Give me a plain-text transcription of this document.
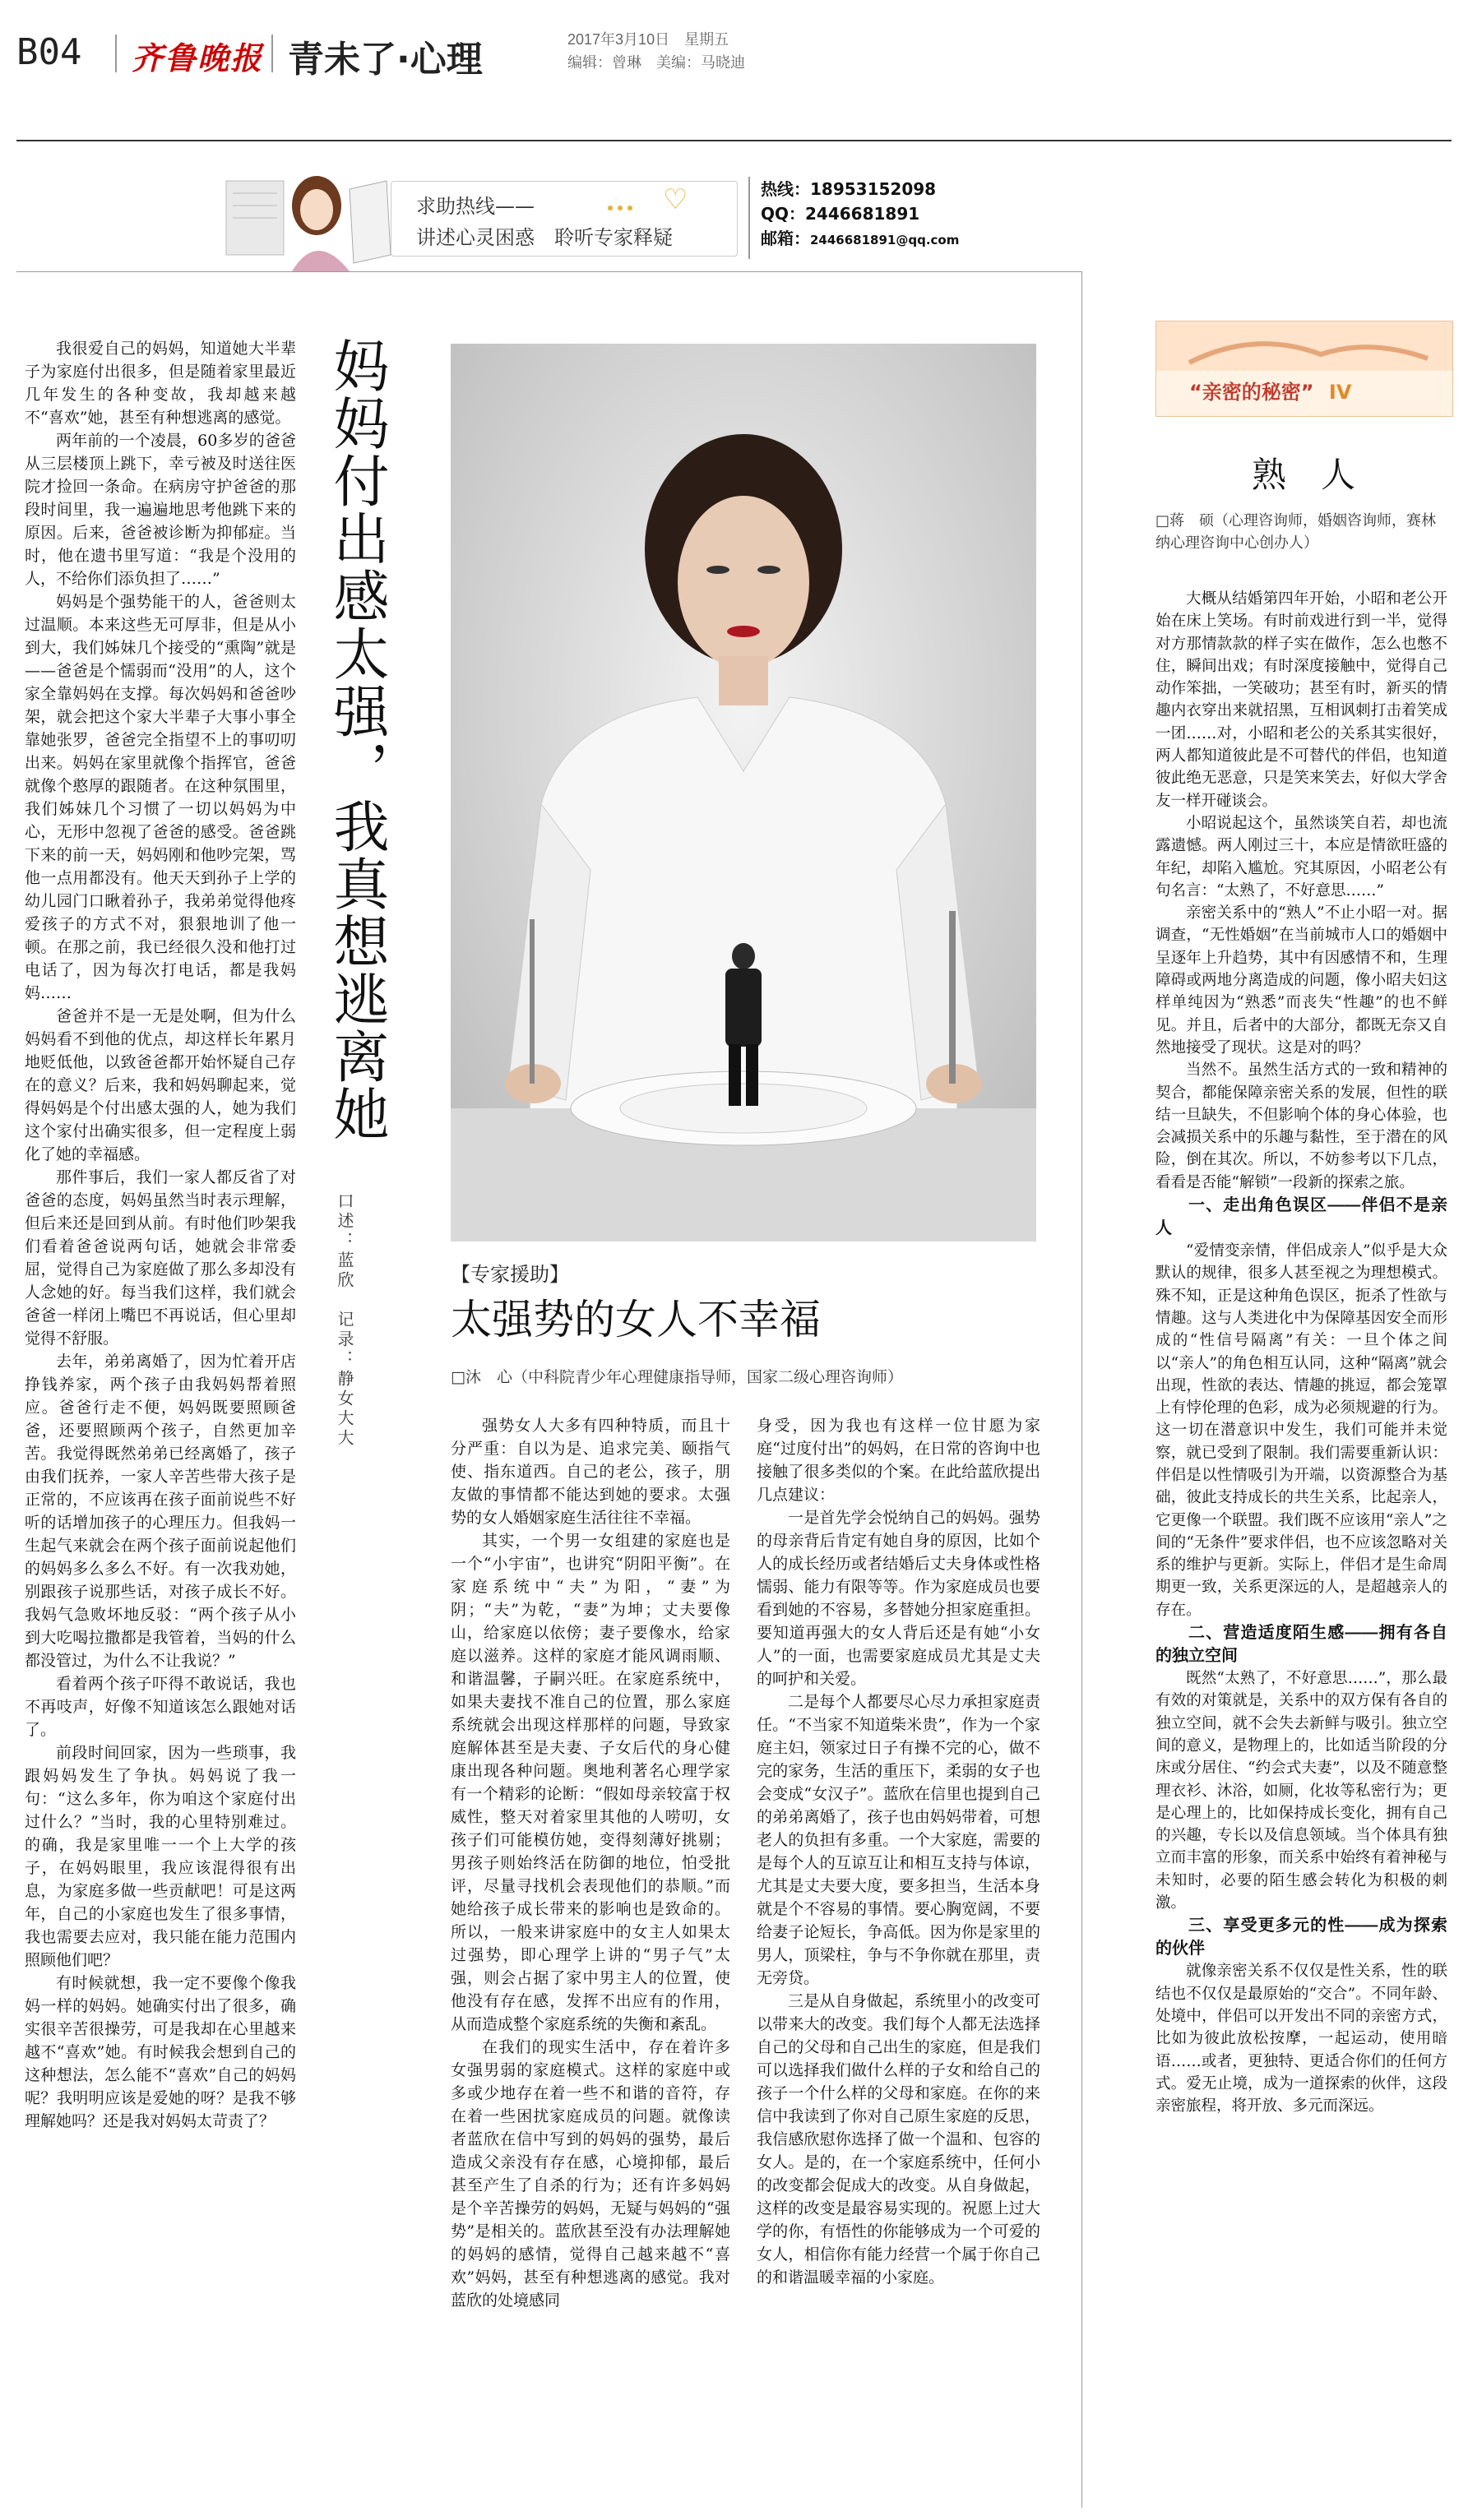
B04 齐鲁晚报 青未了·心理	2017年3月10日　星期五
编辑：曾琳　美编：马晓迪
求助热线——
讲述心灵困惑　聆听专家释疑
♡	热线：18953152098
QQ：2446681891
邮箱：2446681891@qq.com

我很爱自己的妈妈，知道她大半辈子为家庭付出很多，但是随着家里最近几年发生的各种变故，我却越来越不“喜欢”她，甚至有种想逃离的感觉。

两年前的一个凌晨，60多岁的爸爸从三层楼顶上跳下，幸亏被及时送往医院才捡回一条命。在病房守护爸爸的那段时间里，我一遍遍地思考他跳下来的原因。后来，爸爸被诊断为抑郁症。当时，他在遗书里写道：“我是个没用的人，不给你们添负担了……”

妈妈是个强势能干的人，爸爸则太过温顺。本来这些无可厚非，但是从小到大，我们姊妹几个接受的“熏陶”就是——爸爸是个懦弱而“没用”的人，这个家全靠妈妈在支撑。每次妈妈和爸爸吵架，就会把这个家大半辈子大事小事全靠她张罗，爸爸完全指望不上的事叨叨出来。妈妈在家里就像个指挥官，爸爸就像个憨厚的跟随者。在这种氛围里，我们姊妹几个习惯了一切以妈妈为中心，无形中忽视了爸爸的感受。爸爸跳下来的前一天，妈妈刚和他吵完架，骂他一点用都没有。他天天到孙子上学的幼儿园门口瞅着孙子，我弟弟觉得他疼爱孩子的方式不对，狠狠地训了他一顿。在那之前，我已经很久没和他打过电话了，因为每次打电话，都是我妈妈……

爸爸并不是一无是处啊，但为什么妈妈看不到他的优点，却这样长年累月地贬低他，以致爸爸都开始怀疑自己存在的意义？后来，我和妈妈聊起来，觉得妈妈是个付出感太强的人，她为我们这个家付出确实很多，但一定程度上弱化了她的幸福感。

那件事后，我们一家人都反省了对爸爸的态度，妈妈虽然当时表示理解，但后来还是回到从前。有时他们吵架我们看着爸爸说两句话，她就会非常委屈，觉得自己为家庭做了那么多却没有人念她的好。每当我们这样，我们就会爸爸一样闭上嘴巴不再说话，但心里却觉得不舒服。

去年，弟弟离婚了，因为忙着开店挣钱养家，两个孩子由我妈妈帮着照应。爸爸行走不便，妈妈既要照顾爸爸，还要照顾两个孩子，自然更加辛苦。我觉得既然弟弟已经离婚了，孩子由我们抚养，一家人辛苦些带大孩子是正常的，不应该再在孩子面前说些不好听的话增加孩子的心理压力。但我妈一生起气来就会在两个孩子面前说起他们的妈妈多么多么不好。有一次我劝她，别跟孩子说那些话，对孩子成长不好。我妈气急败坏地反驳：“两个孩子从小到大吃喝拉撒都是我管着，当妈的什么都没管过，为什么不让我说？”

看着两个孩子吓得不敢说话，我也不再吱声，好像不知道该怎么跟她对话了。

前段时间回家，因为一些琐事，我跟妈妈发生了争执。妈妈说了我一句：“这么多年，你为咱这个家庭付出过什么？”当时，我的心里特别难过。的确，我是家里唯一一个上大学的孩子，在妈妈眼里，我应该混得很有出息，为家庭多做一些贡献吧！可是这两年，自己的小家庭也发生了很多事情，我也需要去应对，我只能在能力范围内照顾他们吧？

有时候就想，我一定不要像个像我妈一样的妈妈。她确实付出了很多，确实很辛苦很操劳，可是我却在心里越来越不“喜欢”她。有时候我会想到自己的这种想法，怎么能不“喜欢”自己的妈妈呢？我明明应该是爱她的呀？是我不够理解她吗？还是我对妈妈太苛责了？

妈妈付出感太强，我真想逃离她
口述：蓝欣　记录：静女大大	【专家援助】
太强势的女人不幸福
□沐　心（中科院青少年心理健康指导师，国家二级心理咨询师）

强势女人大多有四种特质，而且十分严重：自以为是、追求完美、颐指气使、指东道西。自己的老公，孩子，朋友做的事情都不能达到她的要求。太强势的女人婚姻家庭生活往往不幸福。

其实，一个男一女组建的家庭也是一个“小宇宙”，也讲究“阴阳平衡”。在家庭系统中“夫”为阳，“妻”为阴；“夫”为乾，“妻”为坤；丈夫要像山，给家庭以依傍；妻子要像水，给家庭以滋养。这样的家庭才能风调雨顺、和谐温馨，子嗣兴旺。在家庭系统中，如果夫妻找不准自己的位置，那么家庭系统就会出现这样那样的问题，导致家庭解体甚至是夫妻、子女后代的身心健康出现各种问题。奥地利著名心理学家有一个精彩的论断：“假如母亲较富于权威性，整天对着家里其他的人唠叨，女孩子们可能模仿她，变得刻薄好挑剔；男孩子则始终活在防御的地位，怕受批评，尽量寻找机会表现他们的恭顺。”而她给孩子成长带来的影响也是致命的。所以，一般来讲家庭中的女主人如果太过强势，即心理学上讲的“男子气”太强，则会占据了家中男主人的位置，使他没有存在感，发挥不出应有的作用，从而造成整个家庭系统的失衡和紊乱。

在我们的现实生活中，存在着许多女强男弱的家庭模式。这样的家庭中或多或少地存在着一些不和谐的音符，存在着一些困扰家庭成员的问题。就像读者蓝欣在信中写到的妈妈的强势，最后造成父亲没有存在感，心境抑郁，最后甚至产生了自杀的行为；还有许多妈妈是个辛苦操劳的妈妈，无疑与妈妈的“强势”是相关的。蓝欣甚至没有办法理解她的妈妈的感情，觉得自己越来越不“喜欢”妈妈，甚至有种想逃离的感觉。我对蓝欣的处境感同

身受，因为我也有这样一位甘愿为家庭“过度付出”的妈妈，在日常的咨询中也接触了很多类似的个案。在此给蓝欣提出几点建议：

一是首先学会悦纳自己的妈妈。强势的母亲背后肯定有她自身的原因，比如个人的成长经历或者结婚后丈夫身体或性格懦弱、能力有限等等。作为家庭成员也要看到她的不容易，多替她分担家庭重担。要知道再强大的女人背后还是有她“小女人”的一面，也需要家庭成员尤其是丈夫的呵护和关爱。

二是每个人都要尽心尽力承担家庭责任。“不当家不知道柴米贵”，作为一个家庭主妇，领家过日子有操不完的心，做不完的家务，生活的重压下，柔弱的女子也会变成“女汉子”。蓝欣在信里也提到自己的弟弟离婚了，孩子也由妈妈带着，可想老人的负担有多重。一个大家庭，需要的是每个人的互谅互让和相互支持与体谅，尤其是丈夫要大度，要多担当，生活本身就是个不容易的事情。要心胸宽阔，不要给妻子论短长，争高低。因为你是家里的男人，顶梁柱，争与不争你就在那里，责无旁贷。

三是从自身做起，系统里小的改变可以带来大的改变。我们每个人都无法选择自己的父母和自己出生的家庭，但是我们可以选择我们做什么样的子女和给自己的孩子一个什么样的父母和家庭。在你的来信中我读到了你对自己原生家庭的反思，我信感欣慰你选择了做一个温和、包容的女人。是的，在一个家庭系统中，任何小的改变都会促成大的改变。从自身做起，这样的改变是最容易实现的。祝愿上过大学的你，有悟性的你能够成为一个可爱的女人，相信你有能力经营一个属于你自己的和谐温暖幸福的小家庭。

“亲密的秘密” IV
熟　人
□蒋　硕（心理咨询师，婚姻咨询师，赛林纳心理咨询中心创办人）

大概从结婚第四年开始，小昭和老公开始在床上笑场。有时前戏进行到一半，觉得对方那情款款的样子实在做作，怎么也憋不住，瞬间出戏；有时深度接触中，觉得自己动作笨拙，一笑破功；甚至有时，新买的情趣内衣穿出来就招黑，互相讽刺打击着笑成一团……对，小昭和老公的关系其实很好，两人都知道彼此是不可替代的伴侣，也知道彼此绝无恶意，只是笑来笑去，好似大学舍友一样开碰谈会。

小昭说起这个，虽然谈笑自若，却也流露遗憾。两人刚过三十，本应是情欲旺盛的年纪，却陷入尴尬。究其原因，小昭老公有句名言：“太熟了，不好意思……”

亲密关系中的“熟人”不止小昭一对。据调查，“无性婚姻”在当前城市人口的婚姻中呈逐年上升趋势，其中有因感情不和，生理障碍或两地分离造成的问题，像小昭夫妇这样单纯因为“熟悉”而丧失“性趣”的也不鲜见。并且，后者中的大部分，都既无奈又自然地接受了现状。这是对的吗？

当然不。虽然生活方式的一致和精神的契合，都能保障亲密关系的发展，但性的联结一旦缺失，不但影响个体的身心体验，也会减损关系中的乐趣与黏性，至于潜在的风险，倒在其次。所以，不妨参考以下几点，看看是否能“解锁”一段新的探索之旅。

一、走出角色误区——伴侣不是亲人

“爱情变亲情，伴侣成亲人”似乎是大众默认的规律，很多人甚至视之为理想模式。殊不知，正是这种角色误区，扼杀了性欲与情趣。这与人类进化中为保障基因安全而形成的“性信号隔离”有关：一旦个体之间以“亲人”的角色相互认同，这种“隔离”就会出现，性欲的表达、情趣的挑逗，都会笼罩上有悖伦理的色彩，成为必须规避的行为。这一切在潜意识中发生，我们可能并未觉察，就已受到了限制。我们需要重新认识：伴侣是以性情吸引为开端，以资源整合为基础，彼此支持成长的共生关系，比起亲人，它更像一个联盟。我们既不应该用“亲人”之间的“无条件”要求伴侣，也不应该忽略对关系的维护与更新。实际上，伴侣才是生命周期更一致，关系更深远的人，是超越亲人的存在。

二、营造适度陌生感——拥有各自的独立空间

既然“太熟了，不好意思……”，那么最有效的对策就是，关系中的双方保有各自的独立空间，就不会失去新鲜与吸引。独立空间的意义，是物理上的，比如适当阶段的分床或分居住、“约会式夫妻”，以及不随意整理衣衫、沐浴，如厕，化妆等私密行为；更是心理上的，比如保持成长变化，拥有自己的兴趣，专长以及信息领域。当个体具有独立而丰富的形象，而关系中始终有着神秘与未知时，必要的陌生感会转化为积极的刺激。

三、享受更多元的性——成为探索的伙伴

就像亲密关系不仅仅是性关系，性的联结也不仅仅是最原始的“交合”。不同年龄、处境中，伴侣可以开发出不同的亲密方式，比如为彼此放松按摩，一起运动，使用暗语……或者，更独特、更适合你们的任何方式。爱无止境，成为一道探索的伙伴，这段亲密旅程，将开放、多元而深远。
